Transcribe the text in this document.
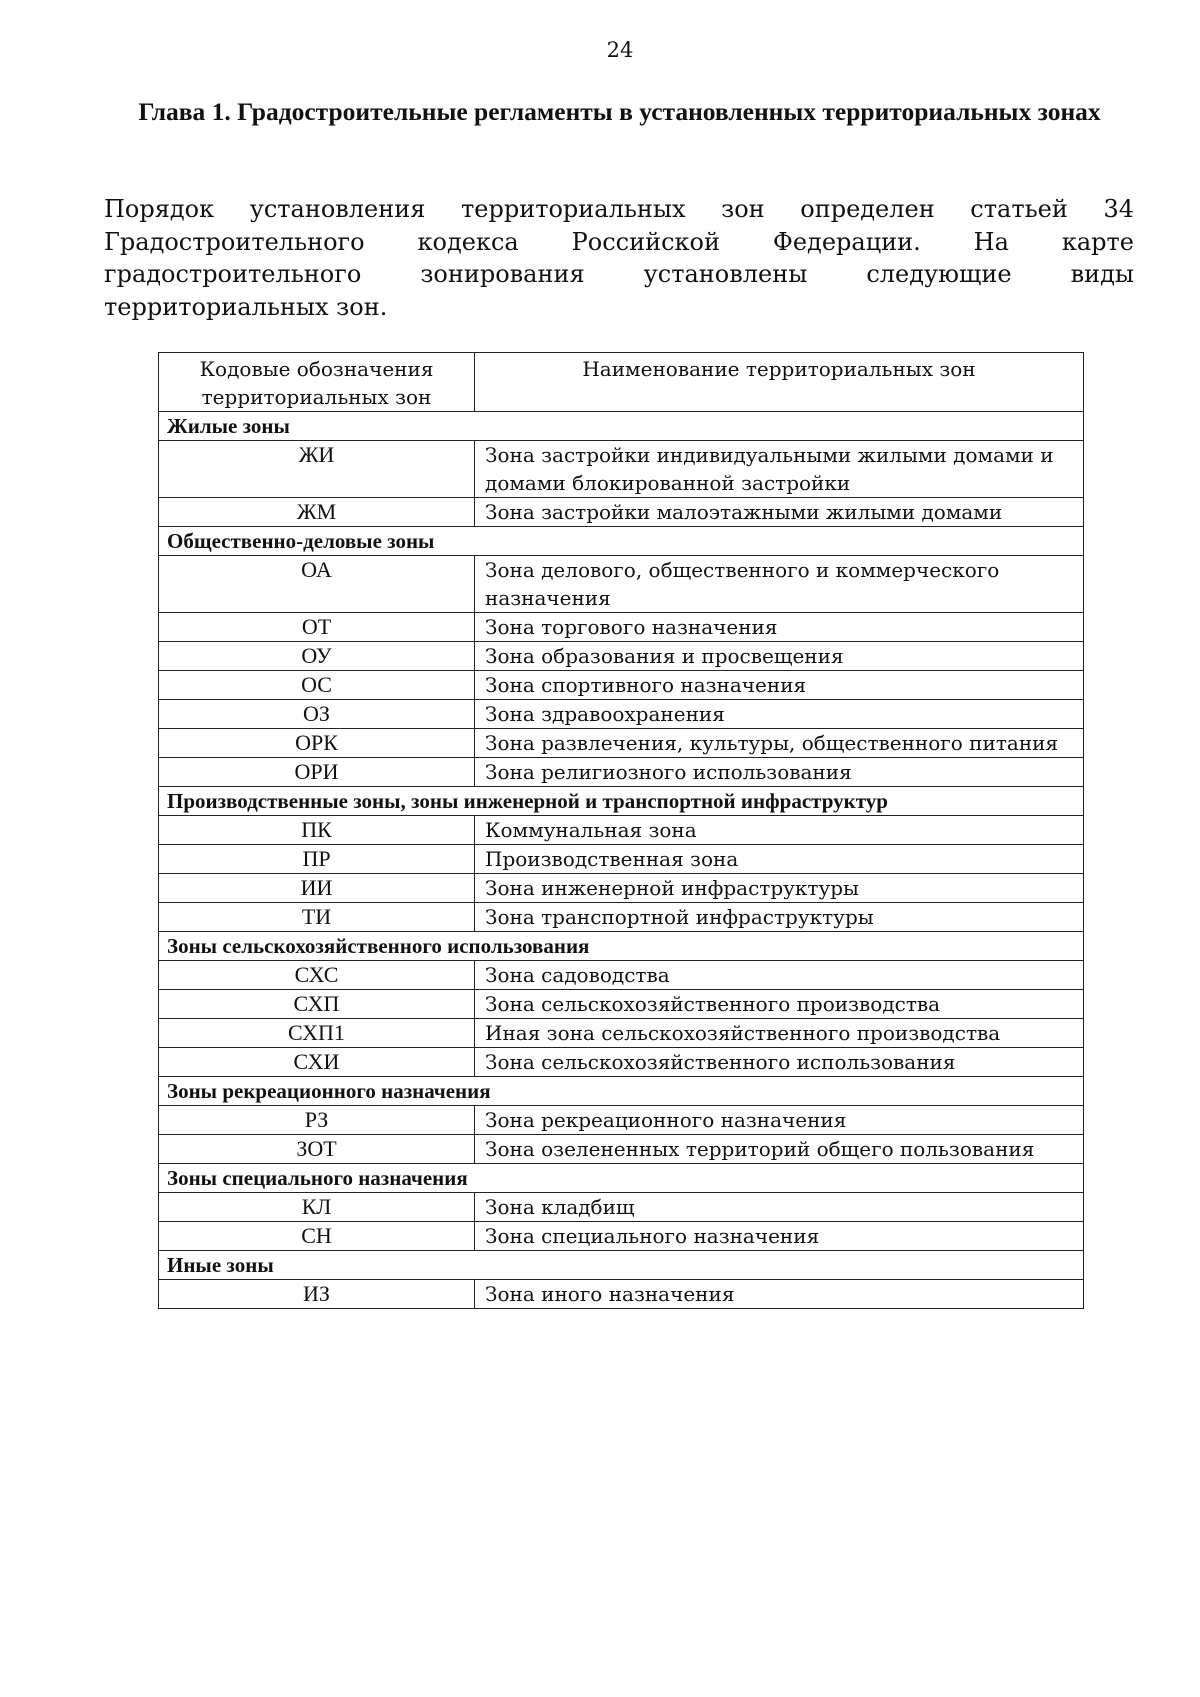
24
Глава 1. Градостроительные регламенты в установленных территориальных зонах
Порядок установления территориальных зон определен статьей 34 Градостроительного кодекса Российской Федерации. На карте градостроительного зонирования установлены следующие виды территориальных зон.
Кодовые обозначения территориальных зон	Наименование территориальных зон
Жилые зоны	
ЖИ	Зона застройки индивидуальными жилыми домами и домами блокированной застройки
ЖМ	Зона застройки малоэтажными жилыми домами
Общественно-деловые зоны	
ОА	Зона делового, общественного и коммерческого назначения
ОТ	Зона торгового назначения
ОУ	Зона образования и просвещения
ОС	Зона спортивного назначения
ОЗ	Зона здравоохранения
ОРК	Зона развлечения, культуры, общественного питания
ОРИ	Зона религиозного использования
Производственные зоны, зоны инженерной и транспортной инфраструктур	
ПК	Коммунальная зона
ПР	Производственная зона
ИИ	Зона инженерной инфраструктуры
ТИ	Зона транспортной инфраструктуры
Зоны сельскохозяйственного использования	
СХС	Зона садоводства
СХП	Зона сельскохозяйственного производства
СХП1	Иная зона сельскохозяйственного производства
СХИ	Зона сельскохозяйственного использования
Зоны рекреационного назначения	
РЗ	Зона рекреационного назначения
ЗОТ	Зона озелененных территорий общего пользования
Зоны специального назначения	
КЛ	Зона кладбищ
СН	Зона специального назначения
Иные зоны	
ИЗ	Зона иного назначения
